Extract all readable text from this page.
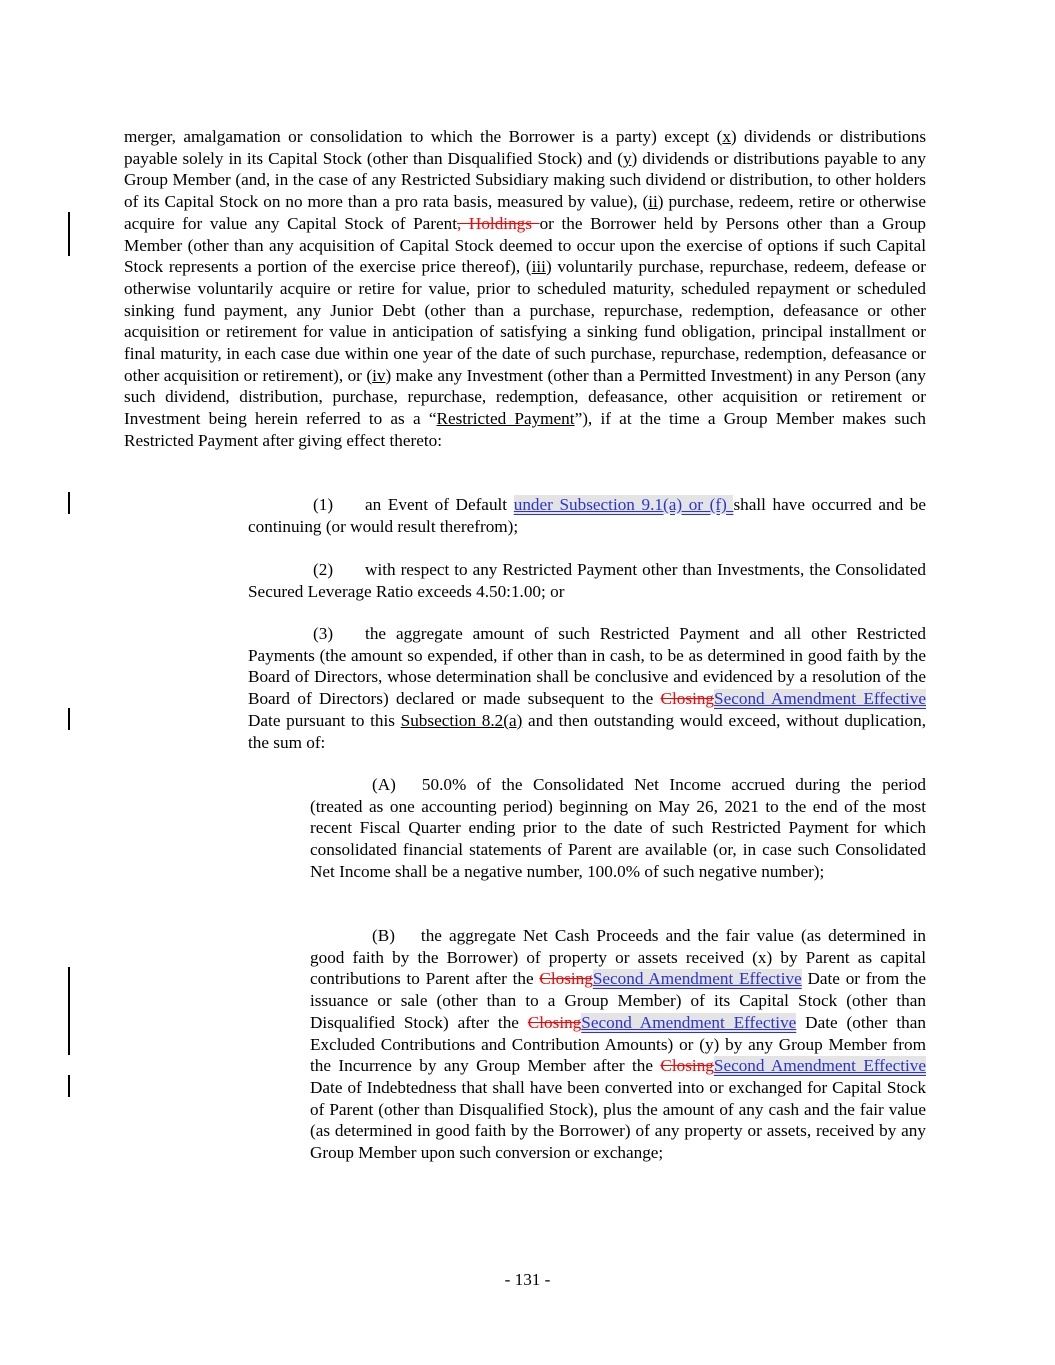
merger, amalgamation or consolidation to which the Borrower is a party) except (x) dividends or distributions payable solely in its Capital Stock (other than Disqualified Stock) and (y) dividends or distributions payable to any Group Member (and, in the case of any Restricted Subsidiary making such dividend or distribution, to other holders of its Capital Stock on no more than a pro rata basis, measured by value), (ii) purchase, redeem, retire or otherwise acquire for value any Capital Stock of Parent, Holdings or the Borrower held by Persons other than a Group Member (other than any acquisition of Capital Stock deemed to occur upon the exercise of options if such Capital Stock represents a portion of the exercise price thereof), (iii) voluntarily purchase, repurchase, redeem, defease or otherwise voluntarily acquire or retire for value, prior to scheduled maturity, scheduled repayment or scheduled sinking fund payment, any Junior Debt (other than a purchase, repurchase, redemption, defeasance or other acquisition or retirement for value in anticipation of satisfying a sinking fund obligation, principal installment or final maturity, in each case due within one year of the date of such purchase, repurchase, redemption, defeasance or other acquisition or retirement), or (iv) make any Investment (other than a Permitted Investment) in any Person (any such dividend, distribution, purchase, repurchase, redemption, defeasance, other acquisition or retirement or Investment being herein referred to as a “Restricted Payment”), if at the time a Group Member makes such Restricted Payment after giving effect thereto:

(1) an Event of Default under Subsection 9.1(a) or (f) shall have occurred and be continuing (or would result therefrom);

(2) with respect to any Restricted Payment other than Investments, the Consolidated Secured Leverage Ratio exceeds 4.50:1.00; or

(3) the aggregate amount of such Restricted Payment and all other Restricted Payments (the amount so expended, if other than in cash, to be as determined in good faith by the Board of Directors, whose determination shall be conclusive and evidenced by a resolution of the Board of Directors) declared or made subsequent to the ClosingSecond Amendment Effective Date pursuant to this Subsection 8.2(a) and then outstanding would exceed, without duplication, the sum of:

(A) 50.0% of the Consolidated Net Income accrued during the period (treated as one accounting period) beginning on May 26, 2021 to the end of the most recent Fiscal Quarter ending prior to the date of such Restricted Payment for which consolidated financial statements of Parent are available (or, in case such Consolidated Net Income shall be a negative number, 100.0% of such negative number);

(B) the aggregate Net Cash Proceeds and the fair value (as determined in good faith by the Borrower) of property or assets received (x) by Parent as capital contributions to Parent after the ClosingSecond Amendment Effective Date or from the issuance or sale (other than to a Group Member) of its Capital Stock (other than Disqualified Stock) after the ClosingSecond Amendment Effective Date (other than Excluded Contributions and Contribution Amounts) or (y) by any Group Member from the Incurrence by any Group Member after the ClosingSecond Amendment Effective Date of Indebtedness that shall have been converted into or exchanged for Capital Stock of Parent (other than Disqualified Stock), plus the amount of any cash and the fair value (as determined in good faith by the Borrower) of any property or assets, received by any Group Member upon such conversion or exchange;

- 131 -
